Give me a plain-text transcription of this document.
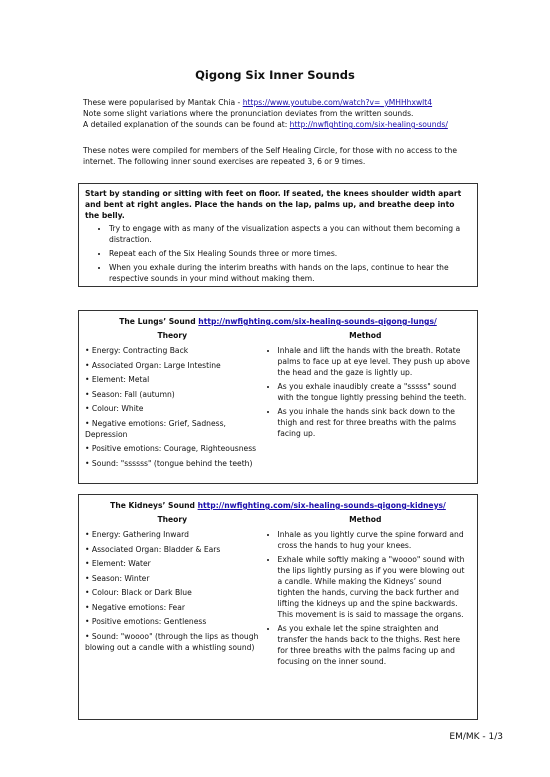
Qigong Six Inner Sounds

These were popularised by Mantak Chia - https://www.youtube.com/watch?v=_yMHHhxwlt4

Note some slight variations where the pronunciation deviates from the written sounds.

A detailed explanation of the sounds can be found at: http://nwfighting.com/six-healing-sounds/

These notes were compiled for members of the Self Healing Circle, for those with no access to the

internet. The following inner sound exercises are repeated 3, 6 or 9 times.

Start by standing or sitting with feet on floor. If seated, the knees shoulder width apart and bent at right angles. Place the hands on the lap, palms up, and breathe deep into the belly.

• Try to engage with as many of the visualization aspects a you can without them becoming a distraction.
• Repeat each of the Six Healing Sounds three or more times.
• When you exhale during the interim breaths with hands on the laps, continue to hear the respective sounds in your mind without making them.
The Lungs’ Sound http://nwfighting.com/six-healing-sounds-qigong-lungs/
Theory
• Energy: Contracting Back
• Associated Organ: Large Intestine
• Element: Metal
• Season: Fall (autumn)
• Colour: White
• Negative emotions: Grief, Sadness, Depression
• Positive emotions: Courage, Righteousness
• Sound: "ssssss" (tongue behind the teeth)
Method
• Inhale and lift the hands with the breath. Rotate palms to face up at eye level. They push up above the head and the gaze is lightly up.
• As you exhale inaudibly create a "sssss" sound with the tongue lightly pressing behind the teeth.
• As you inhale the hands sink back down to the thigh and rest for three breaths with the palms facing up.
The Kidneys’ Sound http://nwfighting.com/six-healing-sounds-qigong-kidneys/
Theory
• Energy: Gathering Inward
• Associated Organ: Bladder & Ears
• Element: Water
• Season: Winter
• Colour: Black or Dark Blue
• Negative emotions: Fear
• Positive emotions: Gentleness
• Sound: "woooo" (through the lips as though blowing out a candle with a whistling sound)
Method
• Inhale as you lightly curve the spine forward and cross the hands to hug your knees.
• Exhale while softly making a "woooo" sound with the lips lightly pursing as if you were blowing out a candle. While making the Kidneys’ sound tighten the hands, curving the back further and lifting the kidneys up and the spine backwards. This movement is is said to massage the organs.
• As you exhale let the spine straighten and transfer the hands back to the thighs. Rest here for three breaths with the palms facing up and focusing on the inner sound.
EM/MK - 1/3
